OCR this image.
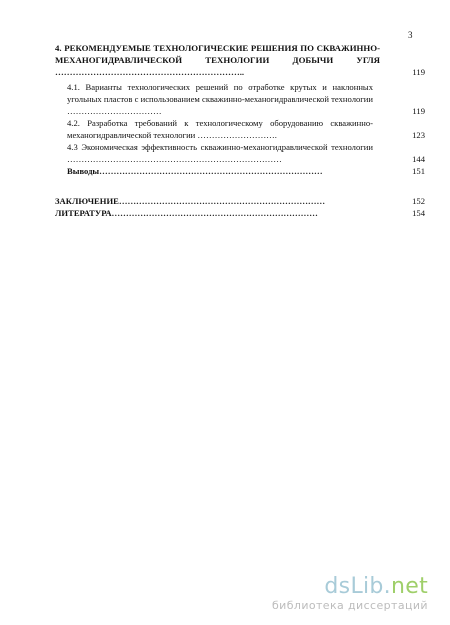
3
4. РЕКОМЕНДУЕМЫЕ ТЕХНОЛОГИЧЕСКИЕ РЕШЕНИЯ ПО СКВАЖИННО-МЕХАНОГИДРАВЛИЧЕСКОЙ ТЕХНОЛОГИИ ДОБЫЧИ УГЛЯ ………………………………………………………..	119
4.1. Варианты технологических решений по отработке крутых и наклонных угольных пластов с использованием скважинно-механогидравлической технологии ……………………………	119
4.2. Разработка требований к технологическому оборудованию скважинно-механогидравлической технологии ……………………….	123
4.3 Экономическая эффективность скважинно-механогидравлической технологии …………………………………………………………………	144
Выводы……………………………………………………………………	151
ЗАКЛЮЧЕНИЕ………………………………………………………………	152
ЛИТЕРАТУРА………………………………………………………………	154
dsLib.net
библиотека диссертаций
